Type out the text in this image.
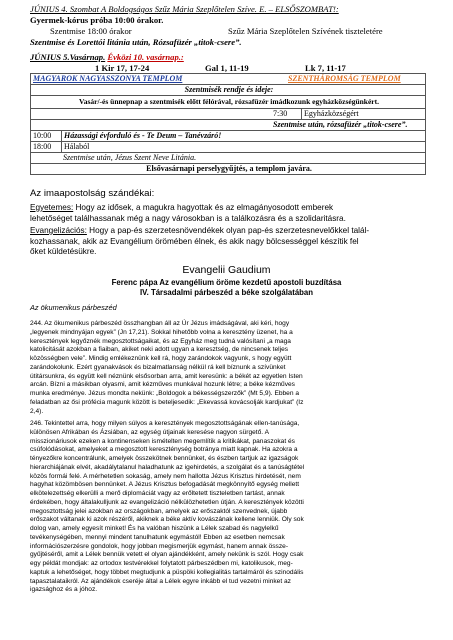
JÚNIUS 4. Szombat A Boldogságos Szűz Mária Szeplőtelen Szíve. E. – ELSŐSZOMBAT!:
Gyermek-kórus próba 10:00 órakor.
Szentmise 18:00 órakor	Szűz Mária Szeplőtelen Szívének tiszteletére
Szentmise és Lorettói litánia után, Rózsafüzér „titok-csere”.
JÚNIUS 5.Vasárnap. Évközi 10. vasárnap.:
1 Kir 17, 17-24	Gal 1, 11-19	Lk 7, 11-17
MAGYAROK NAGYASSZONYA TEMPLOM	SZENTHÁROMSÁG TEMPLOM
Szentmisék rendje és ideje:
Vasár/-és ünnepnap a szentmisék előtt félórával, rózsafüzér imádkozunk egyházközségünkért.
7:30	Egyházközségért
Szentmise után, rózsafüzér „titok-csere”.
10:00	Házassági évforduló és - Te Deum – Tanévzáró!
18:00	Hálaból
Szentmise után, Jézus Szent Neve Litánia.
Elsővasárnapi perselygyűjtés, a templom javára.
Az imaapostolság szándékai:
Egyetemes: Hogy az idősek, a magukra hagyottak és az elmagányosodott emberek
lehetőséget találhassanak még a nagy városokban is a találkozásra és a szolidaritásra.
Evangelizációs: Hogy a pap-és szerzetesnövendékek olyan pap-és szerzetesnevelőkkel talál-
kozhassanak, akik az Evangélium örömében élnek, és akik nagy bölcsességgel készítik fel
őket küldetésükre.
Evangelii Gaudium
Ferenc pápa Az evangélium öröme kezdetű apostoli buzdítása
IV. Társadalmi párbeszéd a béke szolgálatában
Az ökumenikus párbeszéd
244. Az ökumenikus párbeszéd összhangban áll az Úr Jézus imádságával, aki kéri, hogy
„legyenek mindnyájan egyek” (Jn 17,21). Sokkal hihetőbb volna a keresztény üzenet, ha a
keresztények legyőznék megosztottságaikat, és az Egyház meg tudná valósítani „a maga
katolicitását azokban a fiaiban, akiket neki adott ugyan a keresztség, de nincsenek teljes
közösségben vele”. Mindig emlékeznünk kell rá, hogy zarándokok vagyunk, s hogy együtt
zarándokolunk. Ezért gyanakvások és bizalmatlanság nélkül rá kell bíznunk a szívünket
útitársunkra, és együtt kell néznünk elsősorban arra, amit keresünk: a békét az egyetlen Isten
arcán. Bízni a másikban olyasmi, amit kézműves munkával hozunk létre; a béke kézműves
munka eredménye. Jézus mondta nekünk: „Boldogok a békességszerzők” (Mt 5,9). Ebben a
feladatban az ősi prófécia magunk között is beteljesedik: „Ekevassá kovácsolják kardjukat” (Iz
2,4).
246. Tekintettel arra, hogy milyen súlyos a keresztények megosztottságának ellen-tanúsága,
különösen Afrikában és Ázsiában, az egység útjainak keresése nagyon sürgető. A
misszionáriusok ezeken a kontinenseken ismételten megemlítik a kritikákat, panaszokat és
csúfolódásokat, amelyeket a megosztott kereszténység botránya miatt kapnak. Ha azokra a
tényezőkre koncentrálunk, amelyek összekötnek bennünket, és észben tartjuk az igazságok
hierarchiájának elvét, akadálytalanul haladhatunk az igehirdetés, a szolgálat és a tanúságtétel
közös formái felé. A mérhetetlen sokaság, amely nem hallotta Jézus Krisztus hirdetését, nem
hagyhat közömbösen bennünket. A Jézus Krisztus befogadását megkönnyítő egység mellett
elkötelezettség elkerülli a merő diplomáciát vagy az erőltetett tiszteletben tartást, annak
érdekében, hogy általakulljunk az evangelizáció nélkülözhetetlen útján. A keresztények közötti
megosztottság jelei azokban az országokban, amelyek az erőszaktól szenvednek, újabb
erőszakot váltanak ki azok részéről, akiknek a béke aktív kovászának kellene lenniük. Oly sok
dolog van, amely egyesít minket! És ha valóban hiszünk a Lélek szabad és nagylelkű
tevékenységében, mennyi mindent tanulhatunk egymástól! Ebben az esetben nemcsak
információszerzésre gondolok, hogy jobban megismerjük egymást, hanem annak össze-
gyűjtéséről, amit a Lélek bennük vetett el olyan ajándékként, amely nekünk is szól. Hogy csak
egy példát mondjak: az ortodox testvérekkel folytatott párbeszédben mi, katolikusok, meg-
kaptuk a lehetőséget, hogy többet megtudjunk a püspöki kollegialitás tartalmáról és szinodális
tapasztalataikról. Az ajándékok cseréje által a Lélek egyre inkább el tud vezetni minket az
igazsághoz és a jóhoz.
